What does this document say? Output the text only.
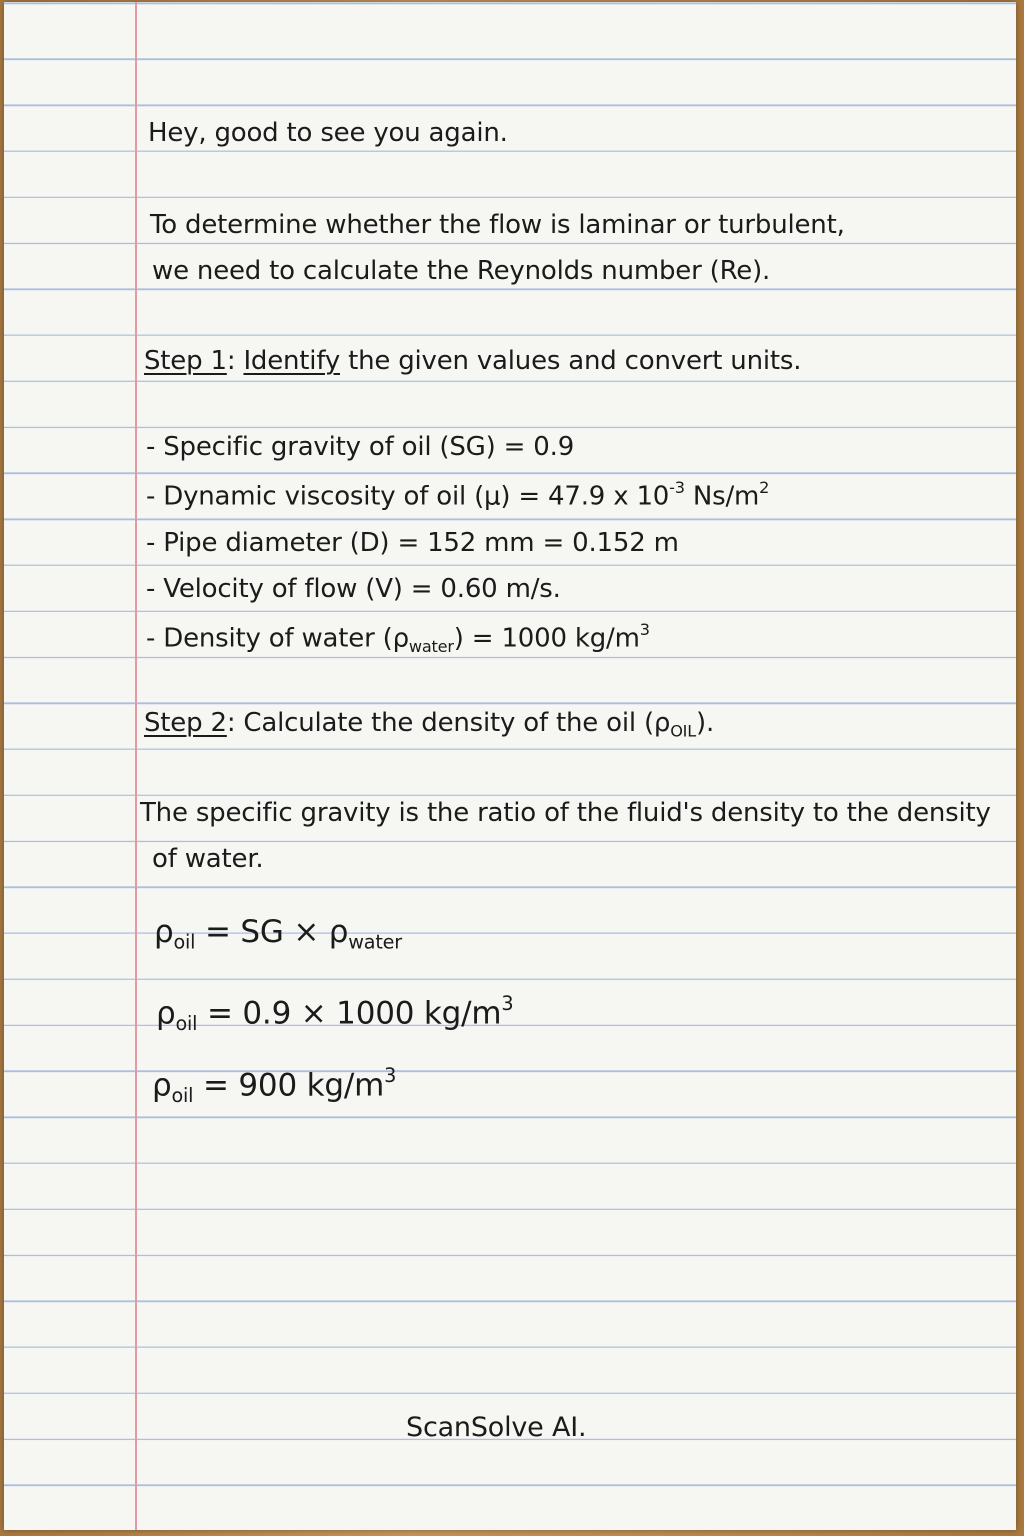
Hey, good to see you again.
To determine whether the flow is laminar or turbulent,
we need to calculate the Reynolds number (Re).
Step 1: Identify the given values and convert units.
- Specific gravity of oil (SG) = 0.9
- Dynamic viscosity of oil (μ) = 47.9 x $10^{-3}$ $Ns/m^2$
- Pipe diameter (D) = 152 mm = 0.152 m
- Velocity of flow (V) = 0.60 m/s.
- Density of water $(\rho_{water}) = 1000$ $kg/m^3$
Step 2: Calculate the density of the oil $(\rho_{OIL})$.
The specific gravity is the ratio of the fluid's density to the density
of water.
$\rho_{oil}$ = SG × $\rho_{water}$
$\rho_{oil} = 0.9 \times 1000$ $kg/m^3$
$\rho_{oil} = 900$ $kg/m^3$
ScanSolve AI.
